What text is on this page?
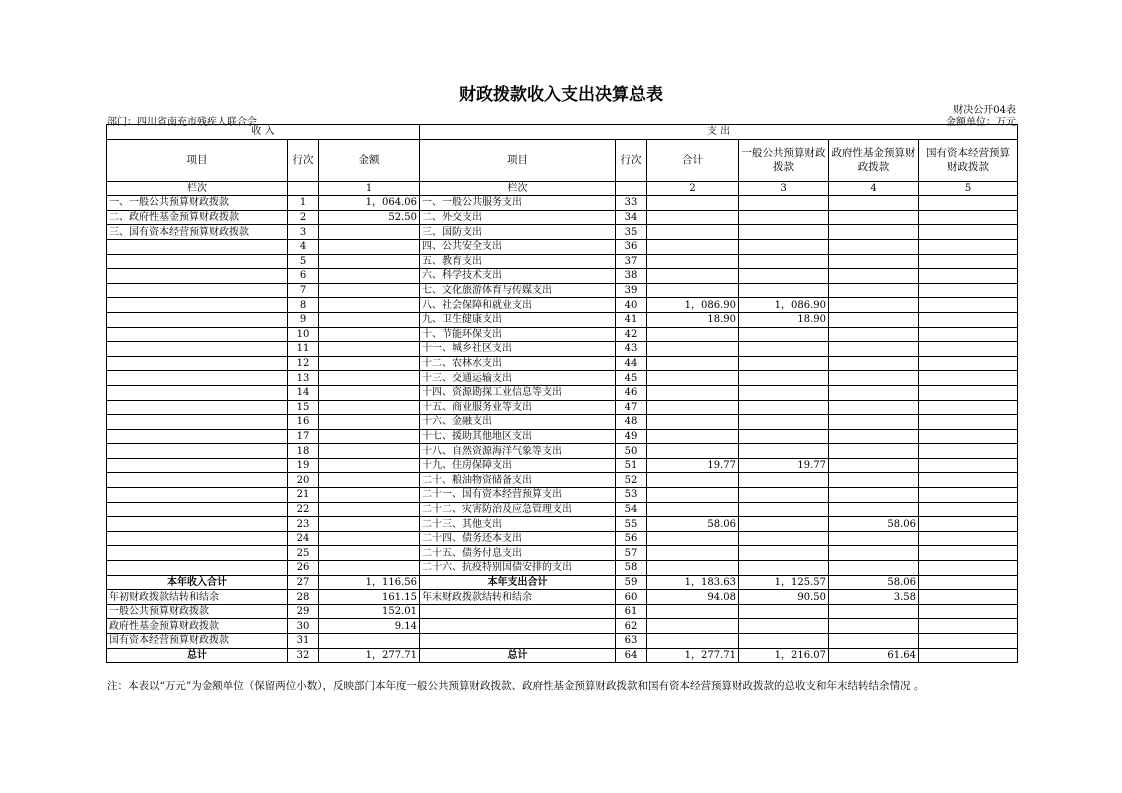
财政拨款收入支出决算总表
财决公开04表
部门：四川省南充市残疾人联合会	金额单位：万元
收 入			支 出					
项目	行次	金额	项目	行次	合计	一般公共预算财政拨款	政府性基金预算财政拨款	国有资本经营预算财政拨款
栏次		1	栏次		2	3	4	5
一、一般公共预算财政拨款	1	1，064.06	一、一般公共服务支出	33				
二、政府性基金预算财政拨款	2	52.50	二、外交支出	34				
三、国有资本经营预算财政拨款	3		三、国防支出	35				
	4		四、公共安全支出	36				
	5		五、教育支出	37				
	6		六、科学技术支出	38				
	7		七、文化旅游体育与传媒支出	39				
	8		八、社会保障和就业支出	40	1，086.90	1，086.90		
	9		九、卫生健康支出	41	18.90	18.90		
	10		十、节能环保支出	42				
	11		十一、城乡社区支出	43				
	12		十二、农林水支出	44				
	13		十三、交通运输支出	45				
	14		十四、资源勘探工业信息等支出	46				
	15		十五、商业服务业等支出	47				
	16		十六、金融支出	48				
	17		十七、援助其他地区支出	49				
	18		十八、自然资源海洋气象等支出	50				
	19		十九、住房保障支出	51	19.77	19.77		
	20		二十、粮油物资储备支出	52				
	21		二十一、国有资本经营预算支出	53				
	22		二十二、灾害防治及应急管理支出	54				
	23		二十三、其他支出	55	58.06		58.06	
	24		二十四、债务还本支出	56				
	25		二十五、债务付息支出	57				
	26		二十六、抗疫特别国债安排的支出	58				
本年收入合计	27	1，116.56	本年支出合计	59	1，183.63	1，125.57	58.06	
年初财政拨款结转和结余	28	161.15	年末财政拨款结转和结余	60	94.08	90.50	3.58	
一般公共预算财政拨款	29	152.01		61				
政府性基金预算财政拨款	30	9.14		62				
国有资本经营预算财政拨款	31			63				
总计	32	1，277.71	总计	64	1，277.71	1，216.07	61.64	
注：本表以“万元”为金额单位（保留两位小数），反映部门本年度一般公共预算财政拨款、政府性基金预算财政拨款和国有资本经营预算财政拨款的总收支和年末结转结余情况 。
